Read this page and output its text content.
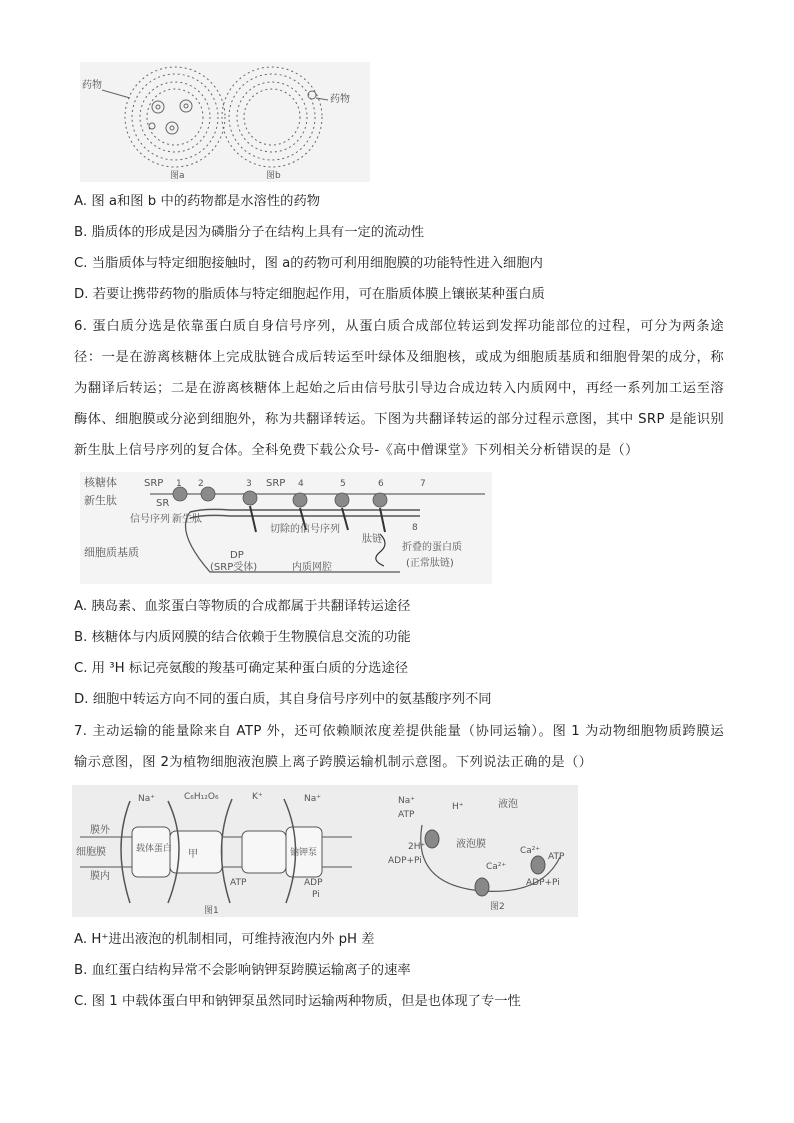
药物
药物
图a	图b
A. 图 a和图 b 中的药物都是水溶性的药物
B. 脂质体的形成是因为磷脂分子在结构上具有一定的流动性
C. 当脂质体与特定细胞接触时，图 a的药物可利用细胞膜的功能特性进入细胞内
D. 若要让携带药物的脂质体与特定细胞起作用，可在脂质体膜上镶嵌某种蛋白质
6. 蛋白质分选是依靠蛋白质自身信号序列，从蛋白质合成部位转运到发挥功能部位的过程，可分为两条途径：一是在游离核糖体上完成肽链合成后转运至叶绿体及细胞核，或成为细胞质基质和细胞骨架的成分，称为翻译后转运；二是在游离核糖体上起始之后由信号肽引导边合成边转入内质网中，再经一系列加工运至溶酶体、细胞膜或分泌到细胞外，称为共翻译转运。下图为共翻译转运的部分过程示意图，其中 SRP 是能识别新生肽上信号序列的复合体。全科免费下载公众号-《高中僧课堂》下列相关分析错误的是（）
核糖体
新生肽
SRP 1 2	3 SRP 4	5	6	7
SR
信号序列 新生肽
细胞质基质
切除的信号序列
肽链
8
折叠的蛋白质
(正常肽链)
DP
(SRP受体)	内质网腔
A. 胰岛素、血浆蛋白等物质的合成都属于共翻译转运途径
B. 核糖体与内质网膜的结合依赖于生物膜信息交流的功能
C. 用 ³H 标记亮氨酸的羧基可确定某种蛋白质的分选途径
D. 细胞中转运方向不同的蛋白质，其自身信号序列中的氨基酸序列不同
7. 主动运输的能量除来自 ATP 外，还可依赖顺浓度差提供能量（协同运输）。图 1 为动物细胞物质跨膜运输示意图，图 2为植物细胞液泡膜上离子跨膜运输机制示意图。下列说法正确的是（）
Na⁺	C₆H₁₂O₆	K⁺	Na⁺
膜外
细胞膜
膜内
载体蛋白 甲	钠钾泵
ATP	ADP
Pi
图1
Na⁺
ATP
H⁺	液泡
2H⁺	液泡膜
ADP+Pi
Ca²⁺
Ca²⁺
ATP
ADP+Pi
图2
A. H⁺进出液泡的机制相同，可维持液泡内外 pH 差
B. 血红蛋白结构异常不会影响钠钾泵跨膜运输离子的速率
C. 图 1 中载体蛋白甲和钠钾泵虽然同时运输两种物质，但是也体现了专一性
